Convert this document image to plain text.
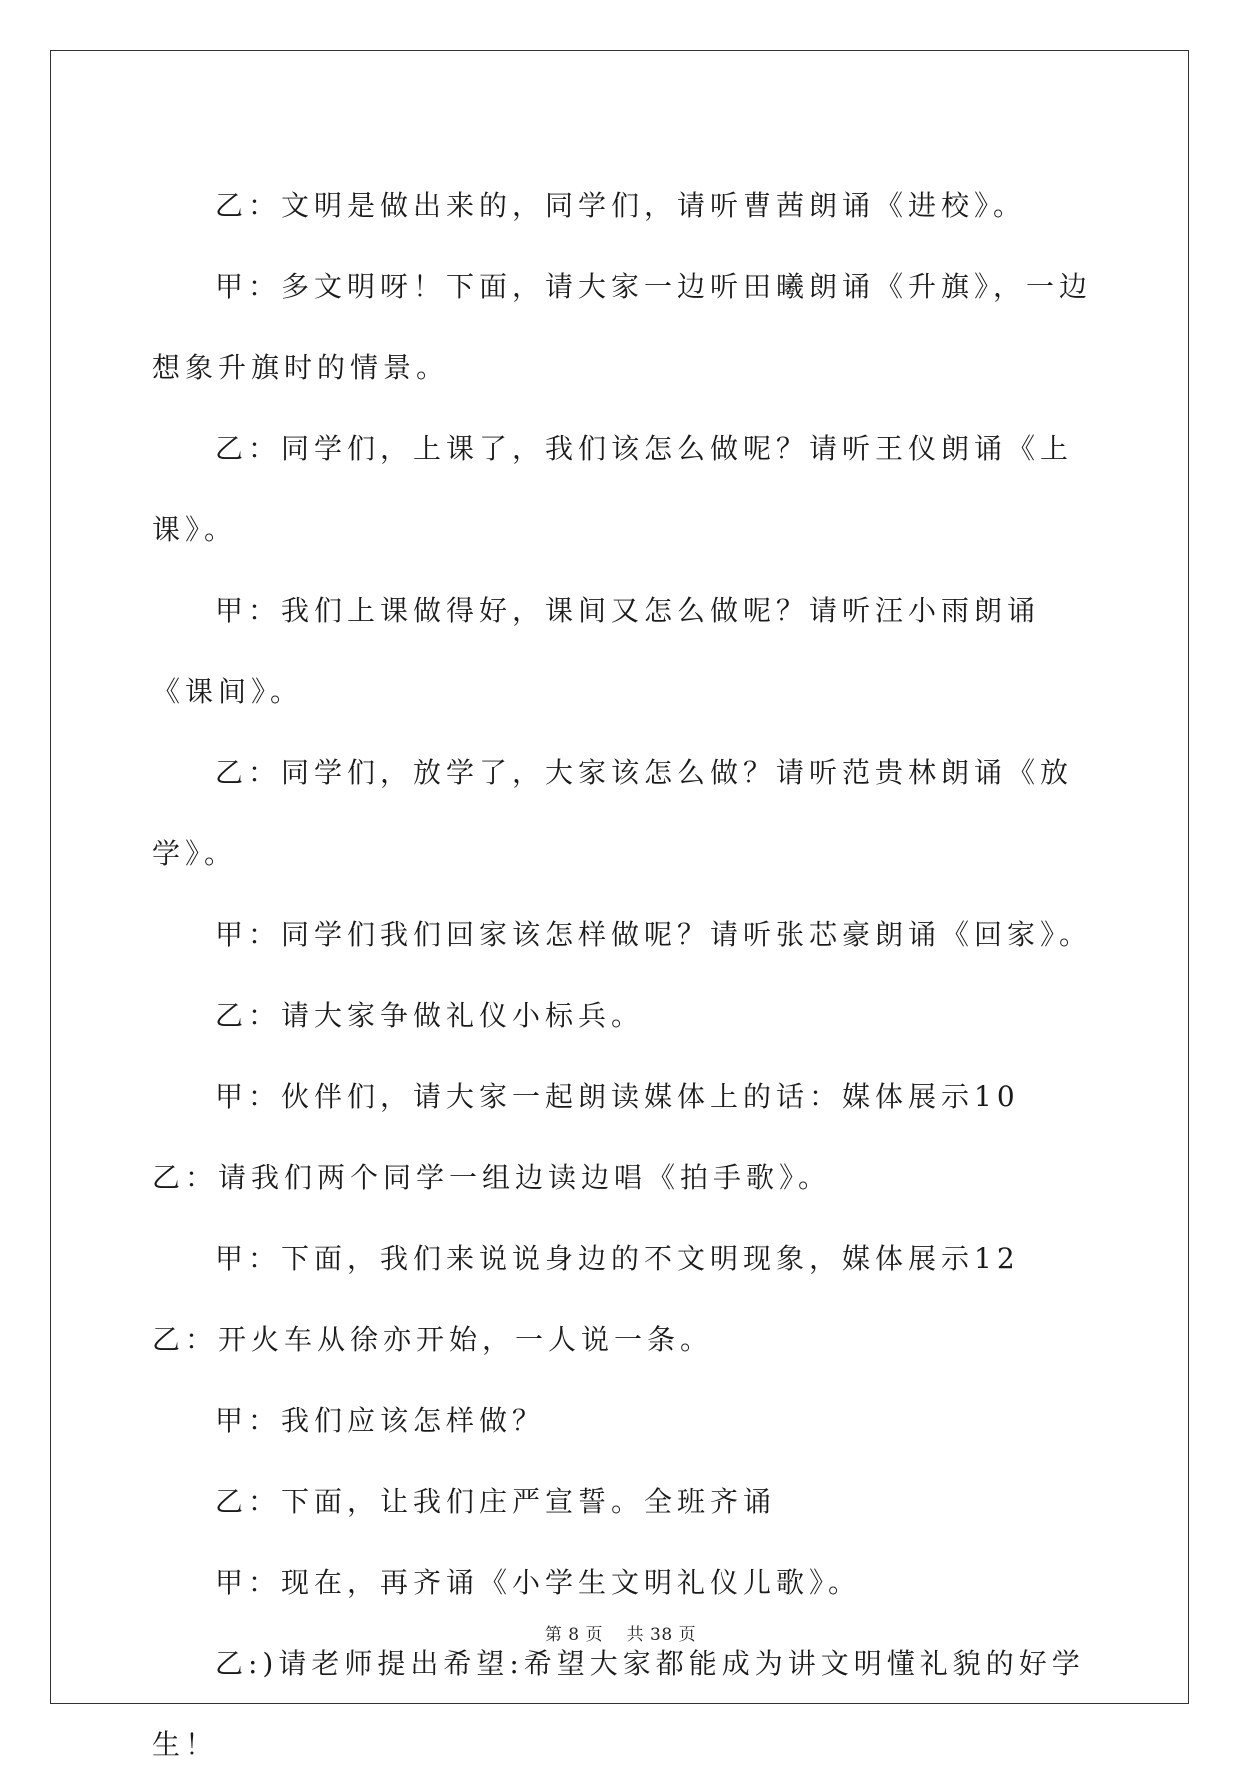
乙：文明是做出来的，同学们，请听曹茜朗诵《进校》。

甲：多文明呀！下面，请大家一边听田曦朗诵《升旗》，一边想象升旗时的情景。

乙：同学们，上课了，我们该怎么做呢？请听王仪朗诵《上课》。

甲：我们上课做得好，课间又怎么做呢？请听汪小雨朗诵《课间》。

乙：同学们，放学了，大家该怎么做？请听范贵林朗诵《放学》。

甲：同学们我们回家该怎样做呢？请听张芯豪朗诵《回家》。

乙：请大家争做礼仪小标兵。

甲：伙伴们，请大家一起朗读媒体上的话：媒体展示10 乙：请我们两个同学一组边读边唱《拍手歌》。

甲：下面，我们来说说身边的不文明现象，媒体展示12 乙：开火车从徐亦开始，一人说一条。

甲：我们应该怎样做？

乙：下面，让我们庄严宣誓。全班齐诵

甲：现在，再齐诵《小学生文明礼仪儿歌》。

乙:)请老师提出希望:希望大家都能成为讲文明懂礼貌的好学生！

第 8 页 共 38 页
